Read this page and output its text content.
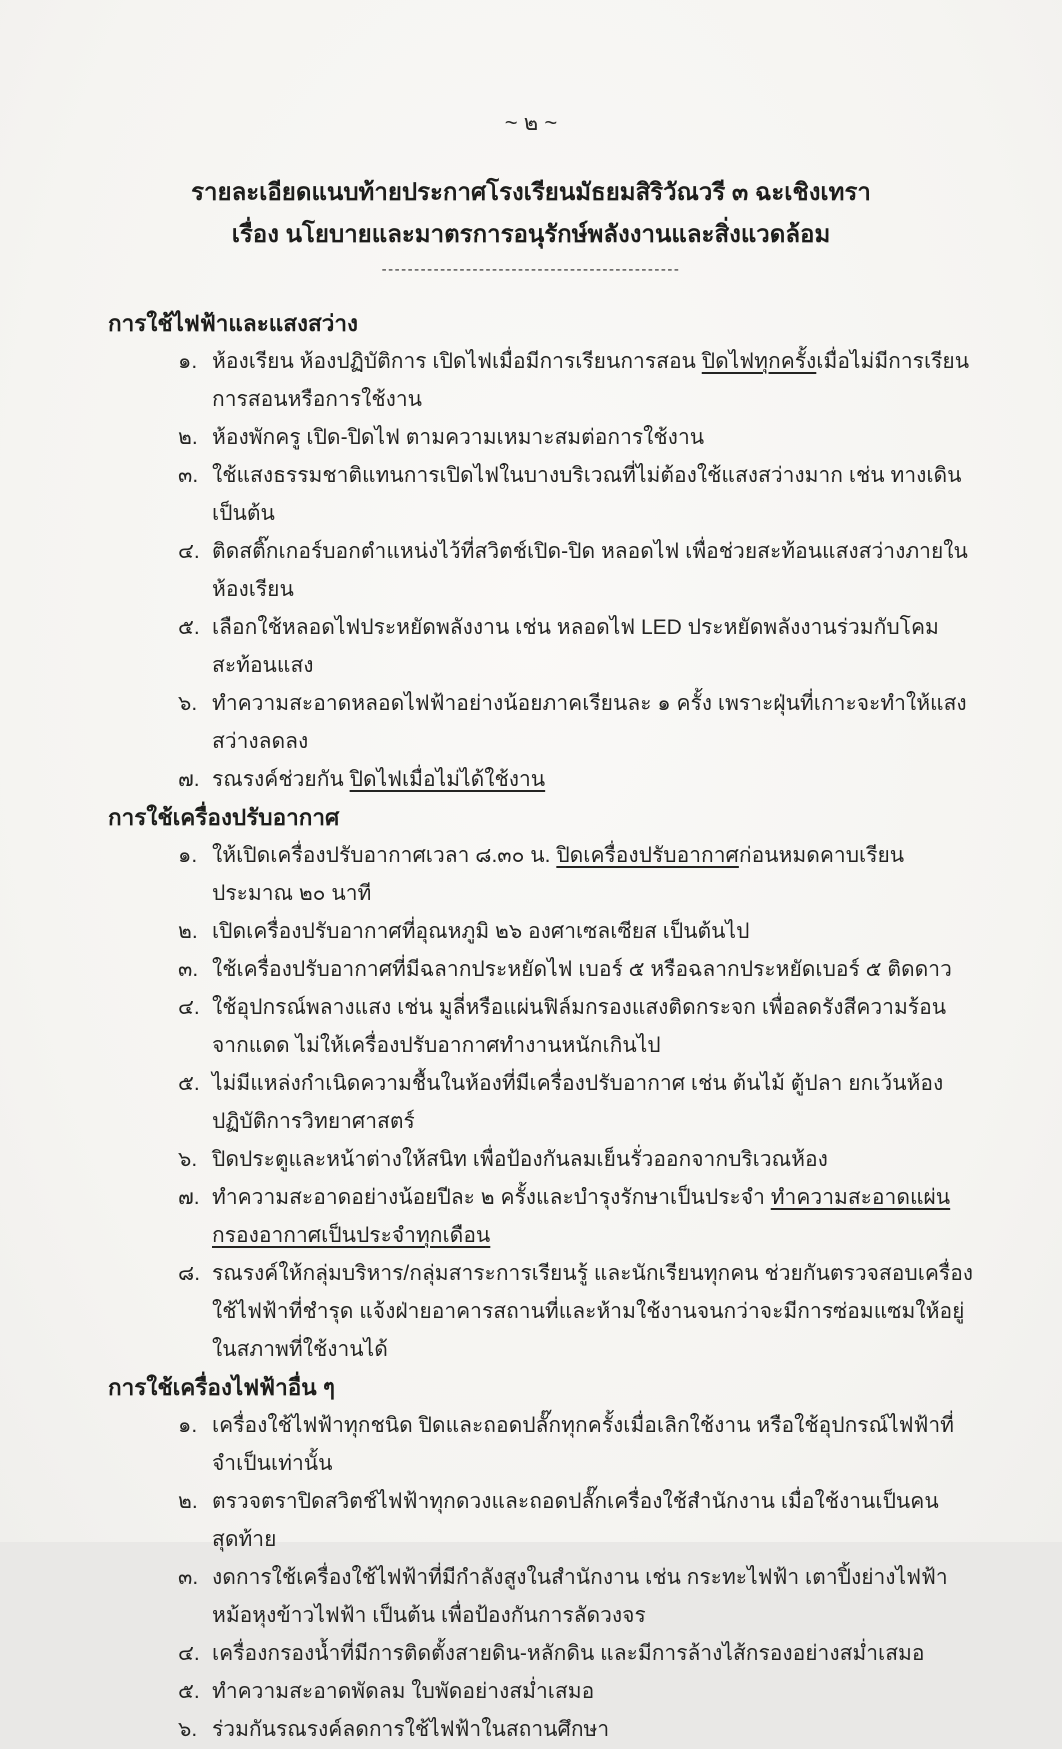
~ ๒ ~
รายละเอียดแนบท้ายประกาศโรงเรียนมัธยมสิริวัณวรี ๓ ฉะเชิงเทรา
เรื่อง นโยบายและมาตรการอนุรักษ์พลังงานและสิ่งแวดล้อม
----------------------------------------------
การใช้ไฟฟ้าและแสงสว่าง
๑. ห้องเรียน ห้องปฏิบัติการ เปิดไฟเมื่อมีการเรียนการสอน ปิดไฟทุกครั้งเมื่อไม่มีการเรียนการสอนหรือการใช้งาน
๒. ห้องพักครู เปิด-ปิดไฟ ตามความเหมาะสมต่อการใช้งาน
๓. ใช้แสงธรรมชาติแทนการเปิดไฟในบางบริเวณที่ไม่ต้องใช้แสงสว่างมาก เช่น ทางเดิน เป็นต้น
๔. ติดสติ๊กเกอร์บอกตำแหน่งไว้ที่สวิตช์เปิด-ปิด หลอดไฟ เพื่อช่วยสะท้อนแสงสว่างภายในห้องเรียน
๕. เลือกใช้หลอดไฟประหยัดพลังงาน เช่น หลอดไฟ LED ประหยัดพลังงานร่วมกับโคมสะท้อนแสง
๖. ทำความสะอาดหลอดไฟฟ้าอย่างน้อยภาคเรียนละ ๑ ครั้ง เพราะฝุ่นที่เกาะจะทำให้แสงสว่างลดลง
๗. รณรงค์ช่วยกัน ปิดไฟเมื่อไม่ได้ใช้งาน
การใช้เครื่องปรับอากาศ
๑. ให้เปิดเครื่องปรับอากาศเวลา ๘.๓๐ น. ปิดเครื่องปรับอากาศก่อนหมดคาบเรียน ประมาณ ๒๐ นาที
๒. เปิดเครื่องปรับอากาศที่อุณหภูมิ ๒๖ องศาเซลเซียส เป็นต้นไป
๓. ใช้เครื่องปรับอากาศที่มีฉลากประหยัดไฟ เบอร์ ๕ หรือฉลากประหยัดเบอร์ ๕ ติดดาว
๔. ใช้อุปกรณ์พลางแสง เช่น มูลี่หรือแผ่นฟิล์มกรองแสงติดกระจก เพื่อลดรังสีความร้อนจากแดด ไม่ให้เครื่องปรับอากาศทำงานหนักเกินไป
๕. ไม่มีแหล่งกำเนิดความชื้นในห้องที่มีเครื่องปรับอากาศ เช่น ต้นไม้ ตู้ปลา ยกเว้นห้องปฏิบัติการวิทยาศาสตร์
๖. ปิดประตูและหน้าต่างให้สนิท เพื่อป้องกันลมเย็นรั่วออกจากบริเวณห้อง
๗. ทำความสะอาดอย่างน้อยปีละ ๒ ครั้งและบำรุงรักษาเป็นประจำ ทำความสะอาดแผ่นกรองอากาศเป็นประจำทุกเดือน
๘. รณรงค์ให้กลุ่มบริหาร/กลุ่มสาระการเรียนรู้ และนักเรียนทุกคน ช่วยกันตรวจสอบเครื่องใช้ไฟฟ้าที่ชำรุด แจ้งฝ่ายอาคารสถานที่และห้ามใช้งานจนกว่าจะมีการซ่อมแซมให้อยู่ในสภาพที่ใช้งานได้
การใช้เครื่องไฟฟ้าอื่น ๆ
๑. เครื่องใช้ไฟฟ้าทุกชนิด ปิดและถอดปลั๊กทุกครั้งเมื่อเลิกใช้งาน หรือใช้อุปกรณ์ไฟฟ้าที่จำเป็นเท่านั้น
๒. ตรวจตราปิดสวิตช์ไฟฟ้าทุกดวงและถอดปลั๊กเครื่องใช้สำนักงาน เมื่อใช้งานเป็นคนสุดท้าย
๓. งดการใช้เครื่องใช้ไฟฟ้าที่มีกำลังสูงในสำนักงาน เช่น กระทะไฟฟ้า เตาปิ้งย่างไฟฟ้า หม้อหุงข้าวไฟฟ้า เป็นต้น เพื่อป้องกันการลัดวงจร
๔. เครื่องกรองน้ำที่มีการติดตั้งสายดิน-หลักดิน และมีการล้างไส้กรองอย่างสม่ำเสมอ
๕. ทำความสะอาดพัดลม ใบพัดอย่างสม่ำเสมอ
๖. ร่วมกันรณรงค์ลดการใช้ไฟฟ้าในสถานศึกษา
